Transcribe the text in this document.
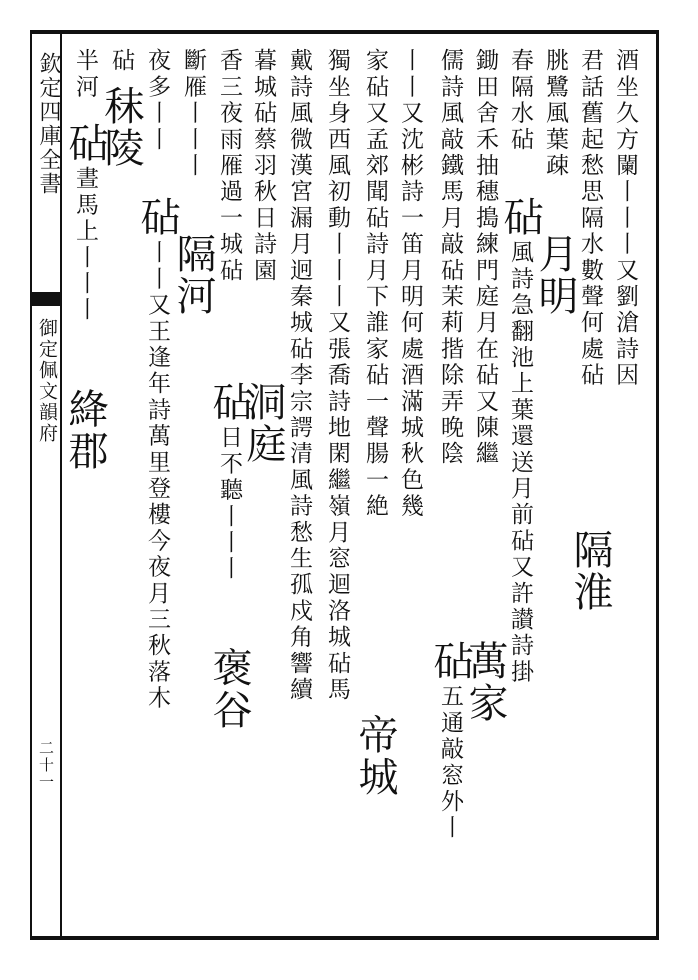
欽定四庫全書
御定佩文韻府
二十一
酒坐久方闌丨丨丨又劉滄詩因
君話舊起愁思隔水數聲何處砧
隔淮
朓鷺風葉疎
月明
春隔水砧
砧
風詩急翻池上葉還送月前砧又許讃詩掛
鋤田舍禾抽穗搗練門庭月在砧又陳繼
萬家
儒詩風敲鐵馬月敲砧茉莉揩除弄晚陰
砧
五通敲窓外丨
丨丨又沈彬詩一笛月明何處酒滿城秋色幾
家砧又孟郊聞砧詩月下誰家砧一聲腸一絶
帝城
獨坐身西風初動丨丨丨又張喬詩地閑繼嶺月窓迴洛城砧馬
戴詩風微漢宮漏月迥秦城砧李宗諤清風詩愁生孤戍角響續
暮城砧蔡羽秋日詩園
洞庭
香三夜雨雁過一城砧
砧
日不聽丨丨丨
褒谷
斷雁丨丨丨
隔河
夜多丨丨
砧
丨丨又王逢年詩萬里登樓今夜月三秋落木
砧
秣陵
半河
砧
晝馬上丨丨丨
絳郡
